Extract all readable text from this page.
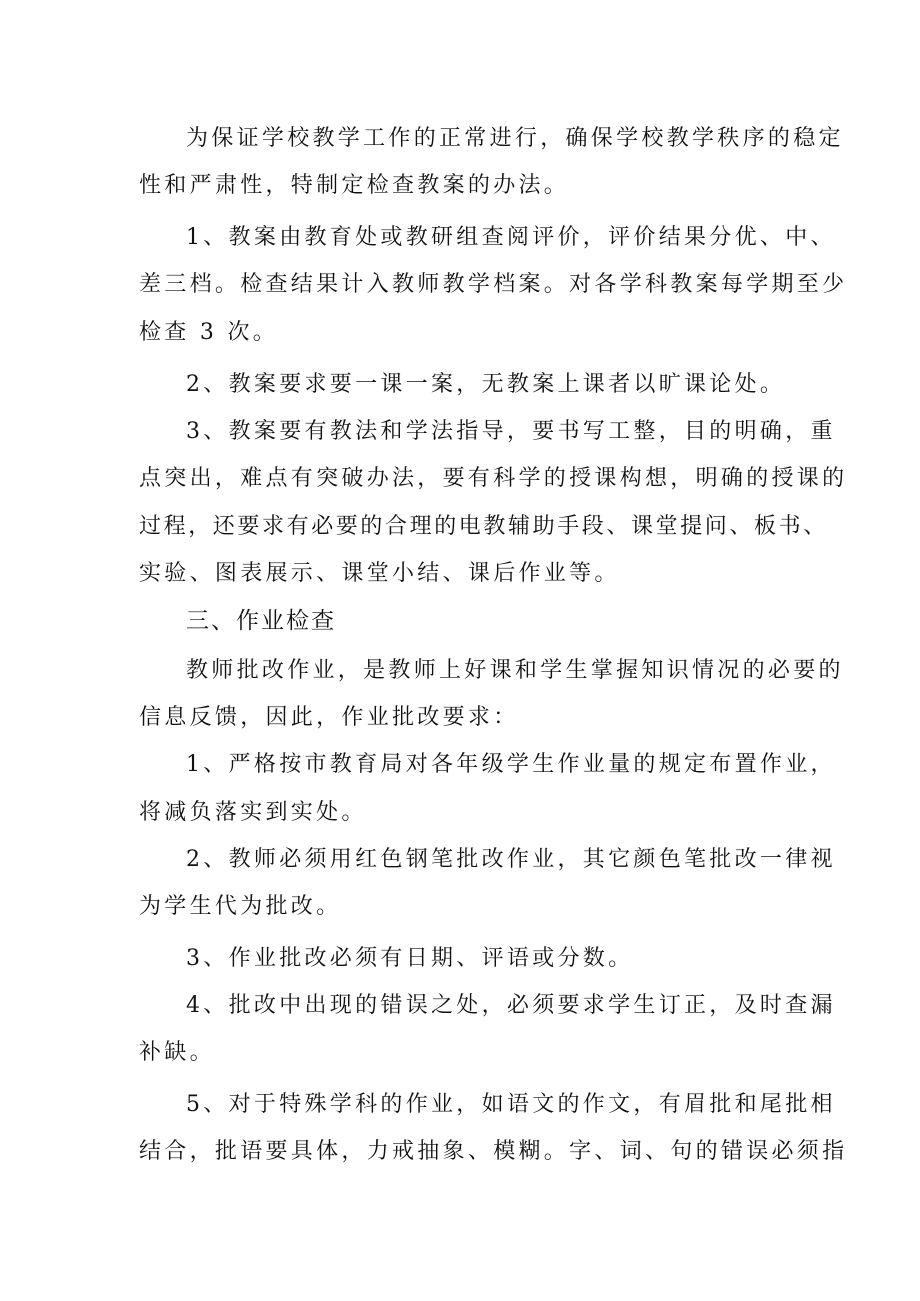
为保证学校教学工作的正常进行，确保学校教学秩序的稳定
性和严肃性，特制定检查教案的办法。
1、教案由教育处或教研组查阅评价，评价结果分优、中、
差三档。检查结果计入教师教学档案。对各学科教案每学期至少
检查 3 次。
2、教案要求要一课一案，无教案上课者以旷课论处。
3、教案要有教法和学法指导，要书写工整，目的明确，重
点突出，难点有突破办法，要有科学的授课构想，明确的授课的
过程，还要求有必要的合理的电教辅助手段、课堂提问、板书、
实验、图表展示、课堂小结、课后作业等。
三、作业检查
教师批改作业，是教师上好课和学生掌握知识情况的必要的
信息反馈，因此，作业批改要求：
1、严格按市教育局对各年级学生作业量的规定布置作业，
将减负落实到实处。
2、教师必须用红色钢笔批改作业，其它颜色笔批改一律视
为学生代为批改。
3、作业批改必须有日期、评语或分数。
4、批改中出现的错误之处，必须要求学生订正，及时查漏
补缺。
5、对于特殊学科的作业，如语文的作文，有眉批和尾批相
结合，批语要具体，力戒抽象、模糊。字、词、句的错误必须指
